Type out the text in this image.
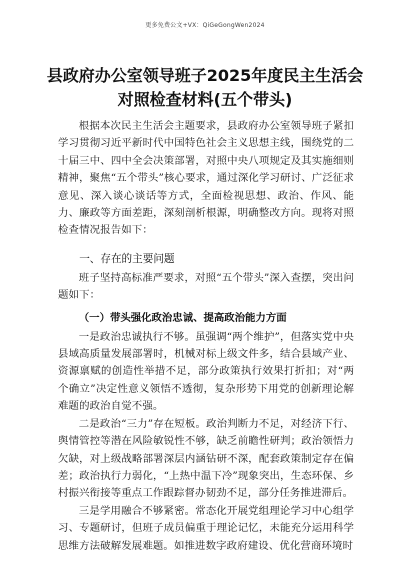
更多免费公文+VX：QiGeGongWen2024
县政府办公室领导班子2025年度民主生活会对照检查材料(五个带头)

根据本次民主生活会主题要求，县政府办公室领导班子紧扣学习贯彻习近平新时代中国特色社会主义思想主线，围绕党的二十届三中、四中全会决策部署，对照中央八项规定及其实施细则精神，聚焦“五个带头”核心要求，通过深化学习研讨、广泛征求意见、深入谈心谈话等方式，全面检视思想、政治、作风、能力、廉政等方面差距，深刻剖析根源，明确整改方向。现将对照检查情况报告如下：

一、存在的主要问题

班子坚持高标准严要求，对照“五个带头”深入查摆，突出问题如下：

（一）带头强化政治忠诚、提高政治能力方面

一是政治忠诚执行不够。虽强调“两个维护”，但落实党中央县域高质量发展部署时，机械对标上级文件多，结合县域产业、资源禀赋的创造性举措不足，部分政策执行效果打折扣；对“两个确立”决定性意义领悟不透彻，复杂形势下用党的创新理论解难题的政治自觉不强。

二是政治“三力”存在短板。政治判断力不足，对经济下行、舆情管控等潜在风险敏锐性不够，缺乏前瞻性研判；政治领悟力欠缺，对上级战略部署深层内涵钻研不深，配套政策制定存在偏差；政治执行力弱化，“上热中温下冷”现象突出，生态环保、乡村振兴衔接等重点工作跟踪督办韧劲不足，部分任务推进滞后。

三是学用融合不够紧密。常态化开展党组理论学习中心组学习、专题研讨，但班子成员偏重于理论记忆，未能充分运用科学思维方法破解发展难题。如推进数字政府建设、优化营商环境时
